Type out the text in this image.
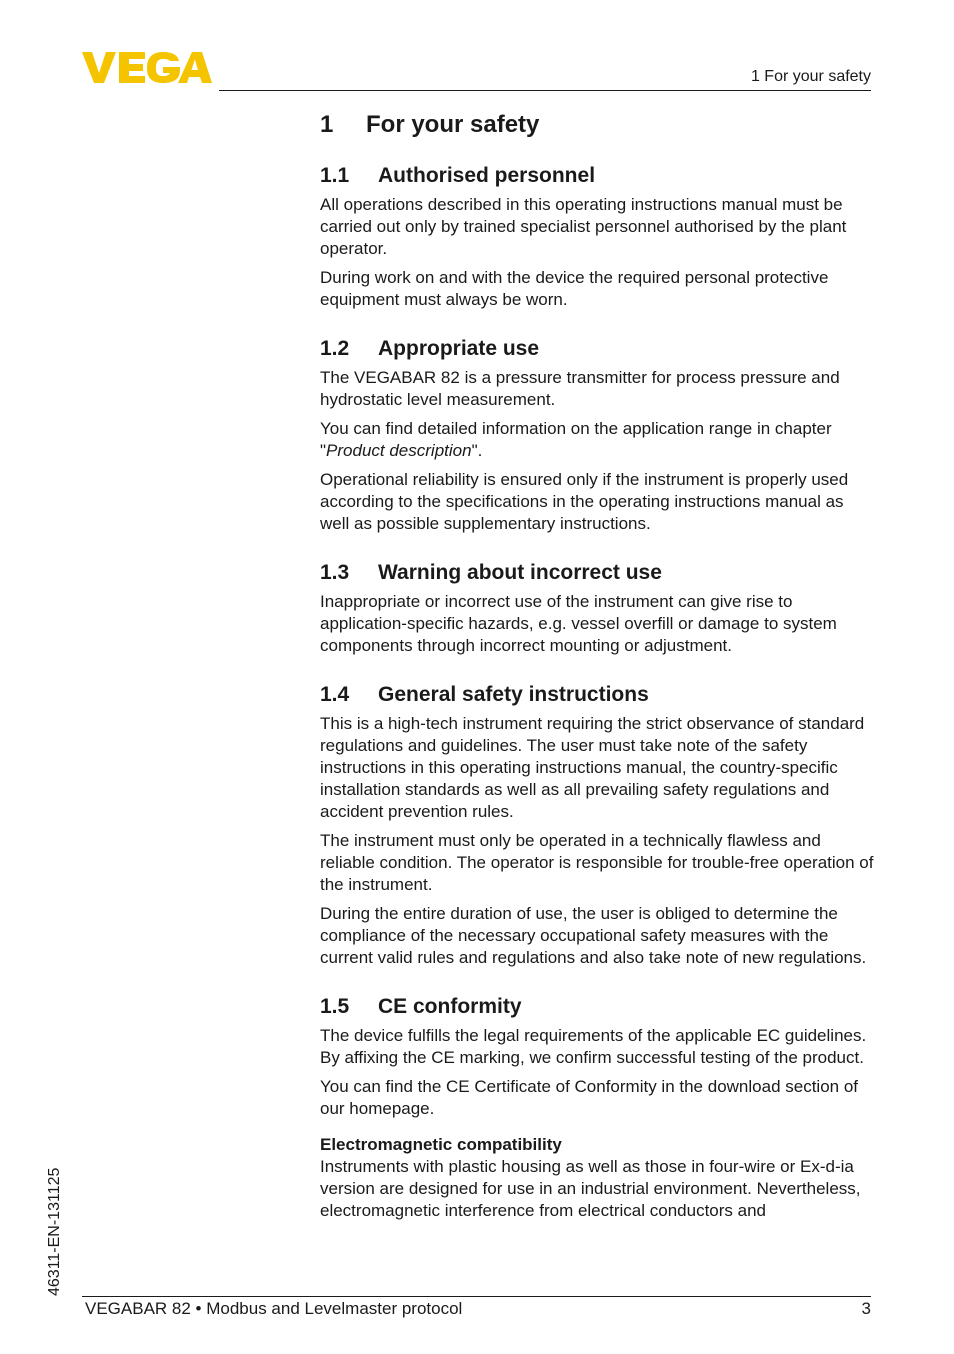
1 For your safety
1 For your safety
1.1 Authorised personnel

All operations described in this operating instructions manual must be carried out only by trained specialist personnel authorised by the plant operator.

During work on and with the device the required personal protective equipment must always be worn.

1.2 Appropriate use

The VEGABAR 82 is a pressure transmitter for process pressure and hydrostatic level measurement.

You can find detailed information on the application range in chapter "Product description".

Operational reliability is ensured only if the instrument is properly used according to the specifications in the operating instructions manual as well as possible supplementary instructions.

1.3 Warning about incorrect use

Inappropriate or incorrect use of the instrument can give rise to application-specific hazards, e.g. vessel overfill or damage to system components through incorrect mounting or adjustment.

1.4 General safety instructions

This is a high-tech instrument requiring the strict observance of standard regulations and guidelines. The user must take note of the safety instructions in this operating instructions manual, the country-specific installation standards as well as all prevailing safety regulations and accident prevention rules.

The instrument must only be operated in a technically flawless and reliable condition. The operator is responsible for trouble-free operation of the instrument.

During the entire duration of use, the user is obliged to determine the compliance of the necessary occupational safety measures with the current valid rules and regulations and also take note of new regulations.

1.5 CE conformity

The device fulfills the legal requirements of the applicable EC guidelines. By affixing the CE marking, we confirm successful testing of the product.

You can find the CE Certificate of Conformity in the download section of our homepage.

Electromagnetic compatibility

Instruments with plastic housing as well as those in four-wire or Ex-d-ia version are designed for use in an industrial environment. Nevertheless, electromagnetic interference from electrical conductors and

46311-EN-131125
VEGABAR 82 • Modbus and Levelmaster protocol	3
